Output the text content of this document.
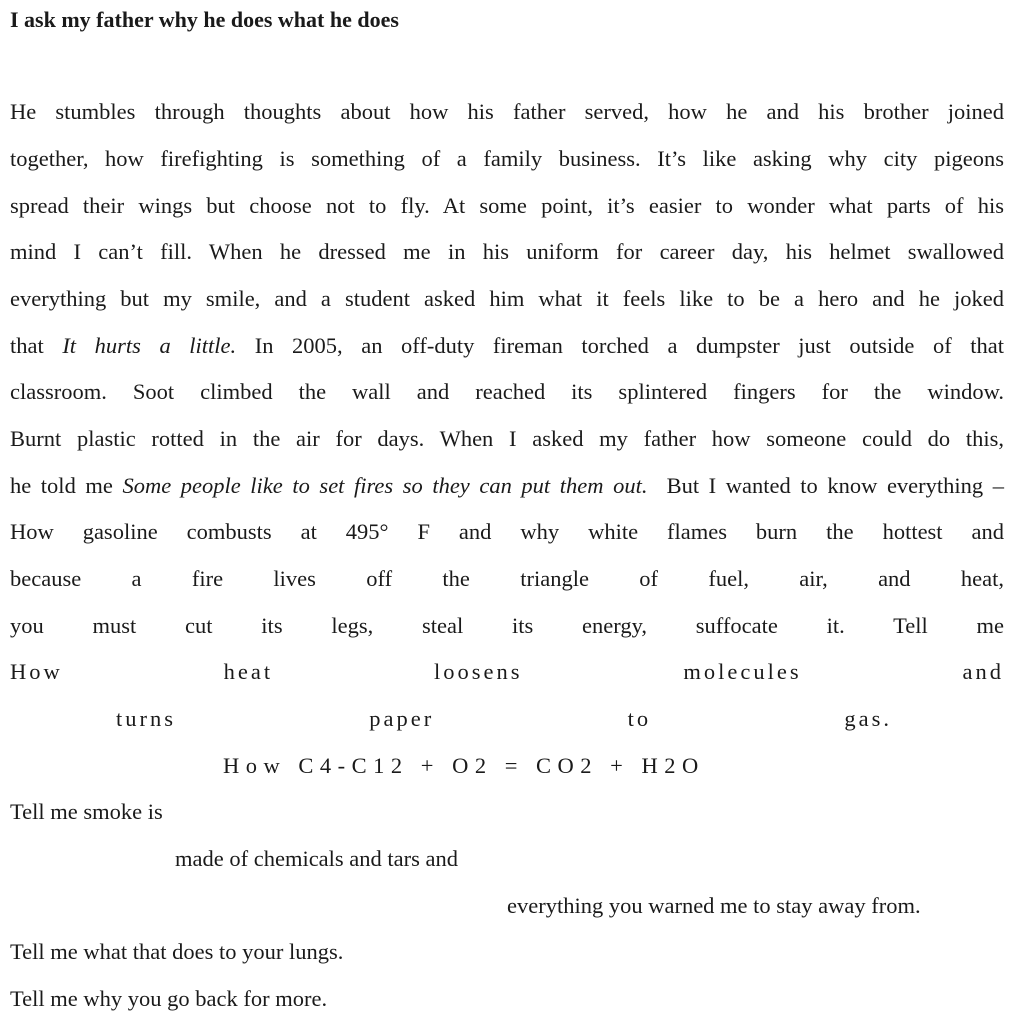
I ask my father why he does what he does
He stumbles through thoughts about how his father served, how he and his brother joined
together, how firefighting is something of a family business. It’s like asking why city pigeons
spread their wings but choose not to fly. At some point, it’s easier to wonder what parts of his
mind I can’t fill. When he dressed me in his uniform for career day, his helmet swallowed
everything but my smile, and a student asked him what it feels like to be a hero and he joked
that It hurts a little. In 2005, an off-duty fireman torched a dumpster just outside of that
classroom. Soot climbed the wall and reached its splintered fingers for the window.
Burnt plastic rotted in the air for days. When I asked my father how someone could do this,
he told me Some people like to set fires so they can put them out.  But I wanted to know everything –
How gasoline combusts at 495° F and why white flames burn the hottest and
because a fire lives off the triangle of fuel, air, and heat,
you must cut its legs, steal its energy, suffocate it. Tell me
How heat loosens molecules and
turns paper to gas.
How C4-C12 + O2 = CO2 + H2O
Tell me smoke is
made of chemicals and tars and
everything you warned me to stay away from.
Tell me what that does to your lungs.
Tell me why you go back for more.
